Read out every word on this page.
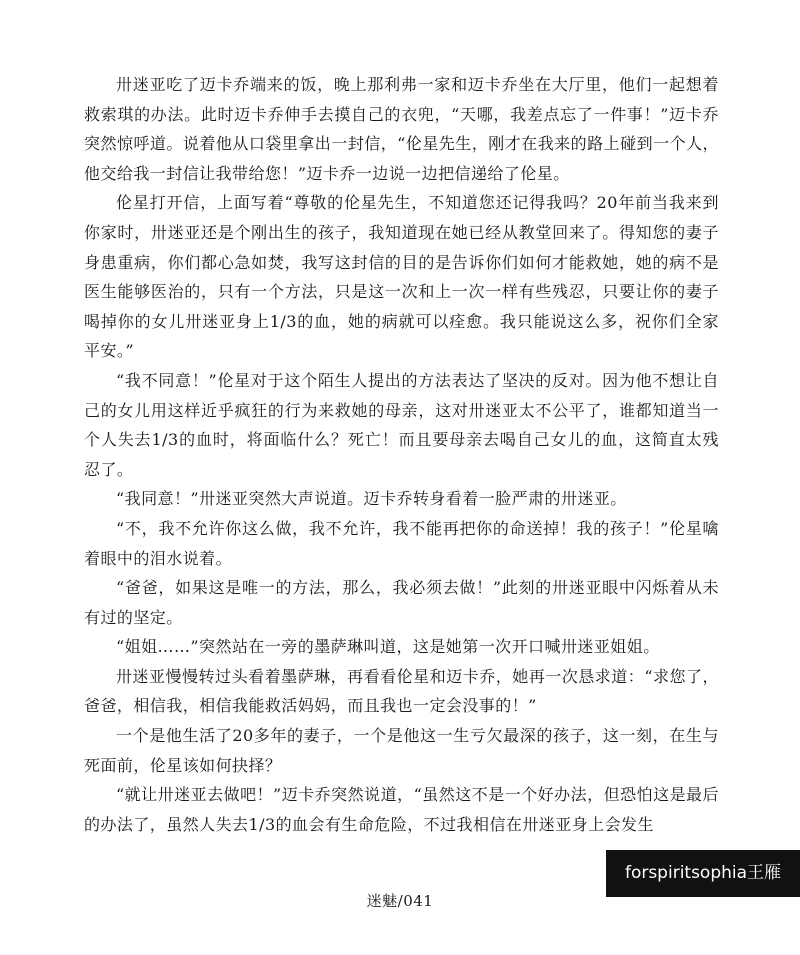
卅迷亚吃了迈卡乔端来的饭，晚上那利弗一家和迈卡乔坐在大厅里，他们一起想着救索琪的办法。此时迈卡乔伸手去摸自己的衣兜，“天哪，我差点忘了一件事！”迈卡乔突然惊呼道。说着他从口袋里拿出一封信，“伦星先生，刚才在我来的路上碰到一个人，他交给我一封信让我带给您！”迈卡乔一边说一边把信递给了伦星。

伦星打开信，上面写着“尊敬的伦星先生，不知道您还记得我吗？20年前当我来到你家时，卅迷亚还是个刚出生的孩子，我知道现在她已经从教堂回来了。得知您的妻子身患重病，你们都心急如焚，我写这封信的目的是告诉你们如何才能救她，她的病不是医生能够医治的，只有一个方法，只是这一次和上一次一样有些残忍，只要让你的妻子喝掉你的女儿卅迷亚身上1/3的血，她的病就可以痊愈。我只能说这么多，祝你们全家平安。”

“我不同意！”伦星对于这个陌生人提出的方法表达了坚决的反对。因为他不想让自己的女儿用这样近乎疯狂的行为来救她的母亲，这对卅迷亚太不公平了，谁都知道当一个人失去1/3的血时，将面临什么？死亡！而且要母亲去喝自己女儿的血，这简直太残忍了。

“我同意！”卅迷亚突然大声说道。迈卡乔转身看着一脸严肃的卅迷亚。

“不，我不允许你这么做，我不允许，我不能再把你的命送掉！我的孩子！”伦星噙着眼中的泪水说着。

“爸爸，如果这是唯一的方法，那么，我必须去做！”此刻的卅迷亚眼中闪烁着从未有过的坚定。

“姐姐……”突然站在一旁的墨萨琳叫道，这是她第一次开口喊卅迷亚姐姐。

卅迷亚慢慢转过头看着墨萨琳，再看看伦星和迈卡乔，她再一次恳求道：“求您了，爸爸，相信我，相信我能救活妈妈，而且我也一定会没事的！”

一个是他生活了20多年的妻子，一个是他这一生亏欠最深的孩子，这一刻，在生与死面前，伦星该如何抉择？

“就让卅迷亚去做吧！”迈卡乔突然说道，“虽然这不是一个好办法，但恐怕这是最后的办法了，虽然人失去1/3的血会有生命危险，不过我相信在卅迷亚身上会发生

forspiritsophia王雁
迷魅/041
